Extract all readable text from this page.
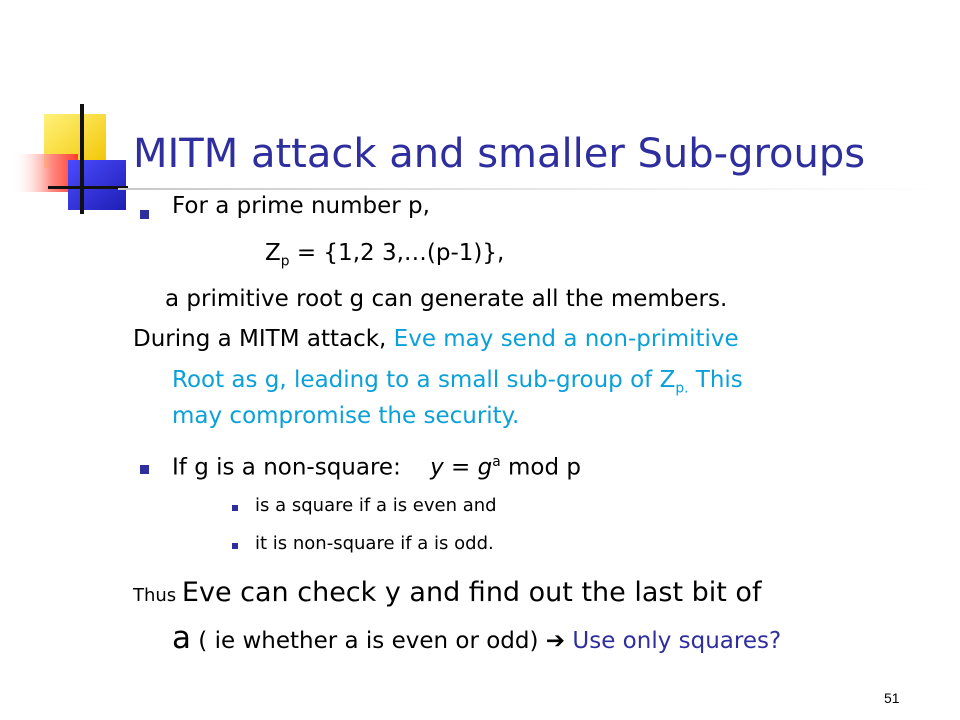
MITM attack and smaller Sub-groups
For a prime number p,
$Z_p = \{1,2$ 3,…(p-1)},
a primitive root g can generate all the members.
During a MITM attack, Eve may send a non-primitive
Root as g, leading to a small sub-group of $Z_{p.}$ This
may compromise the security.
If g is a non-square:    $y = g^a$ mod p
is a square if a is even and
it is non-square if a is odd.
Thus Eve can check y and find out the last bit of
a ( ie whether a is even or odd) ➔ Use only squares?
51
